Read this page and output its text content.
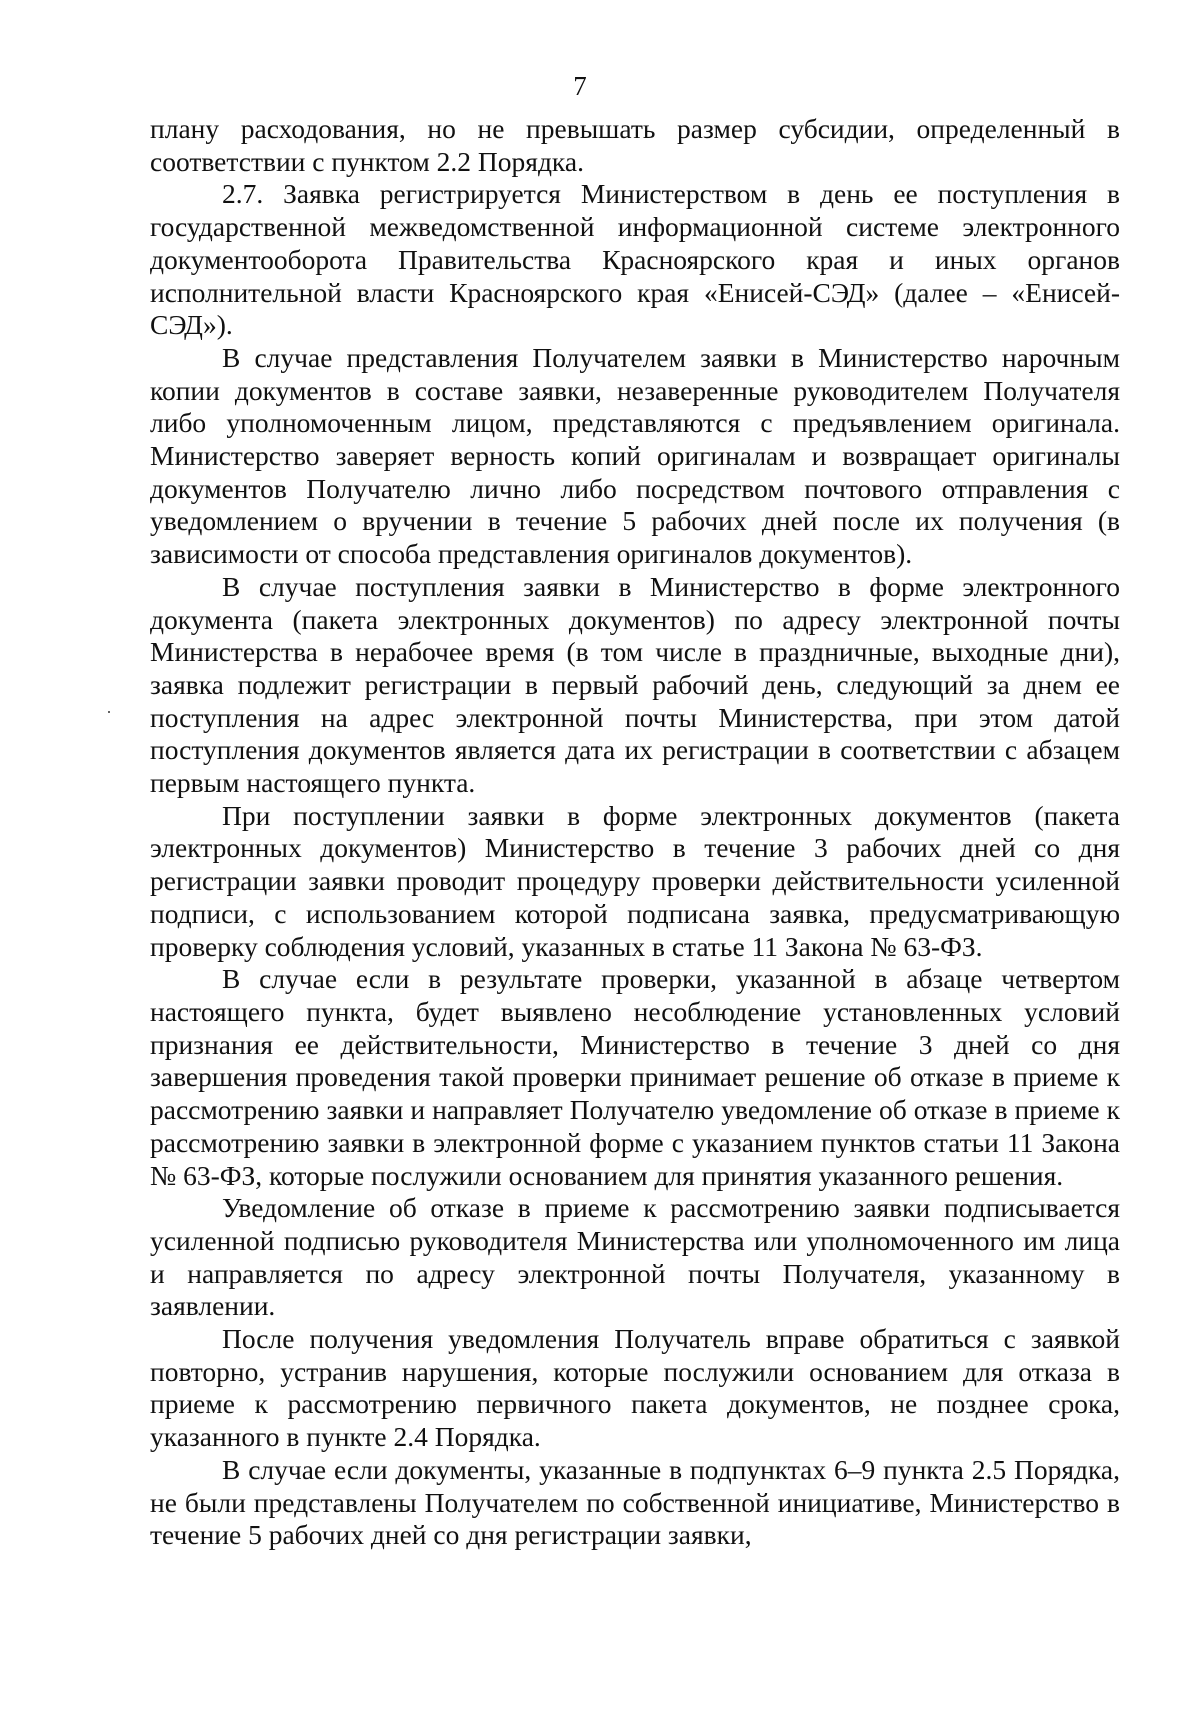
7

плану расходования, но не превышать размер субсидии, определенный в соответствии с пунктом 2.2 Порядка.

2.7. Заявка регистрируется Министерством в день ее поступления в государственной межведомственной информационной системе электронного документооборота Правительства Красноярского края и иных органов исполнительной власти Красноярского края «Енисей-СЭД» (далее – «Енисей-СЭД»).

В случае представления Получателем заявки в Министерство нарочным копии документов в составе заявки, незаверенные руководителем Получателя либо уполномоченным лицом, представляются с предъявлением оригинала. Министерство заверяет верность копий оригиналам и возвращает оригиналы документов Получателю лично либо посредством почтового отправления с уведомлением о вручении в течение 5 рабочих дней после их получения (в зависимости от способа представления оригиналов документов).

В случае поступления заявки в Министерство в форме электронного документа (пакета электронных документов) по адресу электронной почты Министерства в нерабочее время (в том числе в праздничные, выходные дни), заявка подлежит регистрации в первый рабочий день, следующий за днем ее поступления на адрес электронной почты Министерства, при этом датой поступления документов является дата их регистрации в соответствии с абзацем первым настоящего пункта.

При поступлении заявки в форме электронных документов (пакета электронных документов) Министерство в течение 3 рабочих дней со дня регистрации заявки проводит процедуру проверки действительности усиленной подписи, с использованием которой подписана заявка, предусматривающую проверку соблюдения условий, указанных в статье 11 Закона № 63-ФЗ.

В случае если в результате проверки, указанной в абзаце четвертом настоящего пункта, будет выявлено несоблюдение установленных условий признания ее действительности, Министерство в течение 3 дней со дня завершения проведения такой проверки принимает решение об отказе в приеме к рассмотрению заявки и направляет Получателю уведомление об отказе в приеме к рассмотрению заявки в электронной форме с указанием пунктов статьи 11 Закона № 63-ФЗ, которые послужили основанием для принятия указанного решения.

Уведомление об отказе в приеме к рассмотрению заявки подписывается усиленной подписью руководителя Министерства или уполномоченного им лица и направляется по адресу электронной почты Получателя, указанному в заявлении.

После получения уведомления Получатель вправе обратиться с заявкой повторно, устранив нарушения, которые послужили основанием для отказа в приеме к рассмотрению первичного пакета документов, не позднее срока, указанного в пункте 2.4 Порядка.

В случае если документы, указанные в подпунктах 6–9 пункта 2.5 Порядка, не были представлены Получателем по собственной инициативе, Министерство в течение 5 рабочих дней со дня регистрации заявки,
